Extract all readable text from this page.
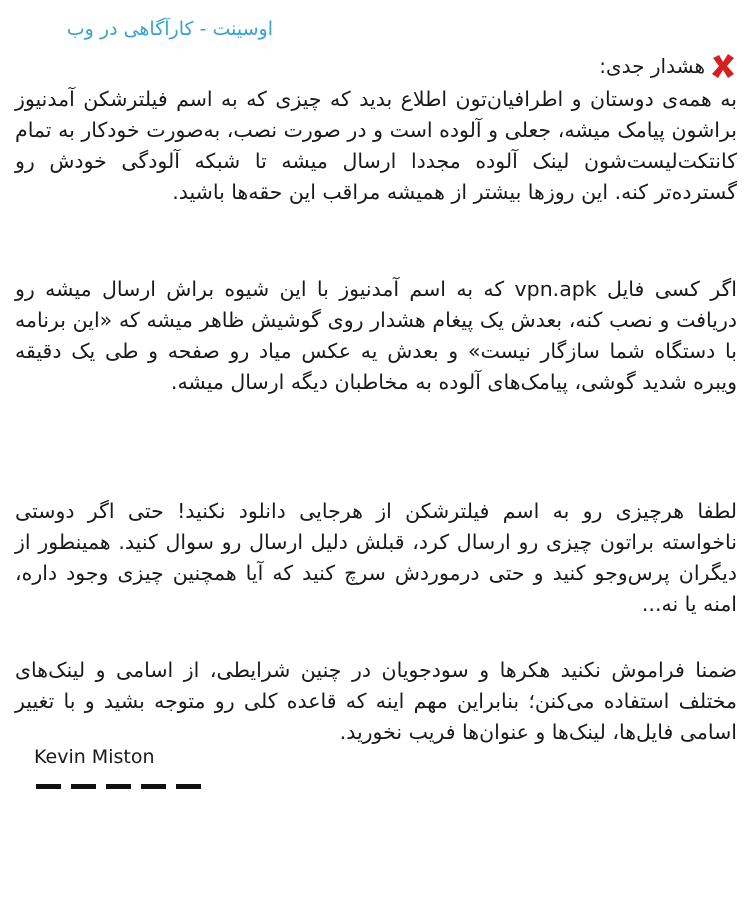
اوسینت - کارآگاهی در وب
هشدار جدی:

به همه‌ی دوستان و اطرافیان‌تون اطلاع بدید که چیزی که به اسم فیلترشکن آمدنیوز براشون پیامک میشه، جعلی و آلوده است و در صورت نصب، به‌صورت خودکار به تمام کانتکت‌لیست‌شون لینک آلوده مجددا ارسال میشه تا شبکه آلودگی خودش رو گسترده‌تر کنه. این روزها بیشتر از همیشه مراقب این حقه‌ها باشید.

اگر کسی فایل vpn.apk که به اسم آمدنیوز با این شیوه براش ارسال میشه رو دریافت و نصب کنه، بعدش یک پیغام هشدار روی گوشیش ظاهر میشه که «این برنامه با دستگاه شما سازگار نیست» و بعدش یه عکس میاد رو صفحه و طی یک دقیقه ویبره شدید گوشی، پیامک‌های آلوده به مخاطبان دیگه ارسال میشه.

لطفا هرچیزی رو به اسم فیلترشکن از هرجایی دانلود نکنید! حتی اگر دوستی ناخواسته براتون چیزی رو ارسال کرد، قبلش دلیل ارسال رو سوال کنید. همینطور از دیگران پرس‌وجو کنید و حتی درموردش سرچ کنید که آیا همچنین چیزی وجود داره، امنه یا نه...

ضمنا فراموش نکنید هکرها و سودجویان در چنین شرایطی، از اسامی و لینک‌های مختلف استفاده می‌کنن؛ بنابراین مهم اینه که قاعده کلی رو متوجه بشید و با تغییر اسامی فایل‌ها، لینک‌ها و عنوان‌ها فریب نخورید.

Kevin Miston
